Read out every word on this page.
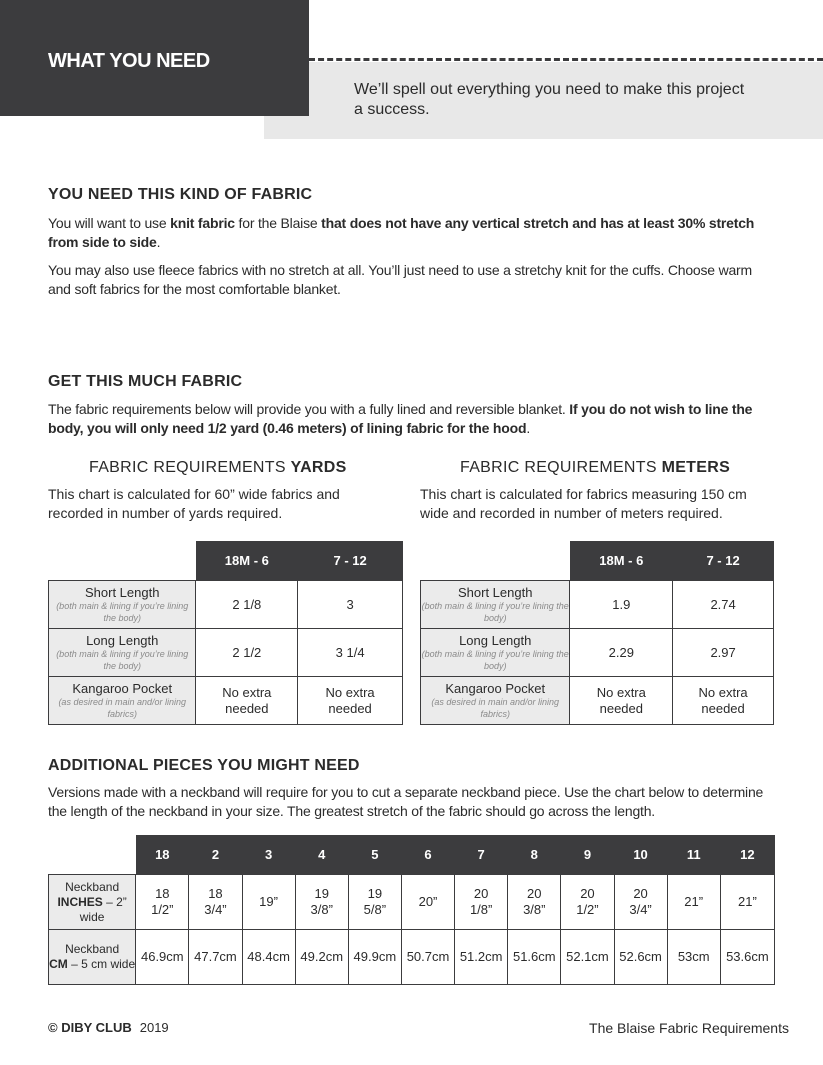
WHAT YOU NEED
We’ll spell out everything you need to make this project a success.
YOU NEED THIS KIND OF FABRIC
You will want to use knit fabric for the Blaise that does not have any vertical stretch and has at least 30% stretch from side to side.
You may also use fleece fabrics with no stretch at all. You’ll just need to use a stretchy knit for the cuffs. Choose warm and soft fabrics for the most comfortable blanket.
GET THIS MUCH FABRIC
The fabric requirements below will provide you with a fully lined and reversible blanket. If you do not wish to line the body, you will only need 1/2 yard (0.46 meters) of lining fabric for the hood.
FABRIC REQUIREMENTS YARDS
This chart is calculated for 60” wide fabrics and recorded in number of yards required.
	18M - 6	7 - 12

Short Length
(both main & lining if you’re lining the body)	2 1/8	3

Long Length
(both main & lining if you’re lining the body)	2 1/2	3 1/4

Kangaroo Pocket
(as desired in main and/or lining fabrics)	No extra needed	No extra needed
FABRIC REQUIREMENTS METERS
This chart is calculated for fabrics measuring 150 cm wide and recorded in number of meters required.
	18M - 6	7 - 12

Short Length
(both main & lining if you’re lining the body)	1.9	2.74

Long Length
(both main & lining if you’re lining the body)	2.29	2.97

Kangaroo Pocket
(as desired in main and/or lining fabrics)	No extra needed	No extra needed
ADDITIONAL PIECES YOU MIGHT NEED
Versions made with a neckband will require for you to cut a separate neckband piece. Use the chart below to determine the length of the neckband in your size. The greatest stretch of the fabric should go across the length.
	18	2	3	4	5	6	7	8	9	10	11	12
Neckband
INCHES – 2” wide	18 1/2”	18 3/4”	19”	19 3/8”	19 5/8”	20”	20 1/8”	20 3/8”	20 1/2”	20 3/4”	21”	21”

Neckband
CM – 5 cm wide	46.9cm	47.7cm	48.4cm	49.2cm	49.9cm	50.7cm	51.2cm	51.6cm	52.1cm	52.6cm	53cm	53.6cm
© DIBY CLUB 2019	The Blaise Fabric Requirements
